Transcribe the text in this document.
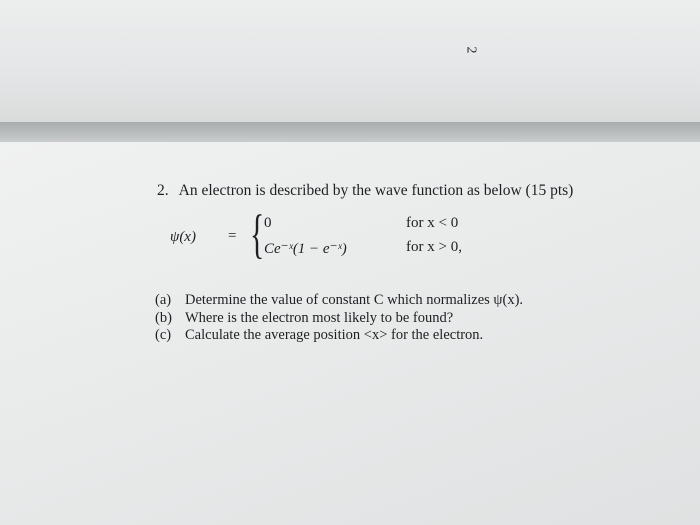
2
2. An electron is described by the wave function as below (15 pts)
ψ(x) = { 0	for x < 0
Ce⁻ˣ(1 − e⁻ˣ)	for x > 0,
(a) Determine the value of constant C which normalizes ψ(x).
(b) Where is the electron most likely to be found?
(c) Calculate the average position <x> for the electron.
